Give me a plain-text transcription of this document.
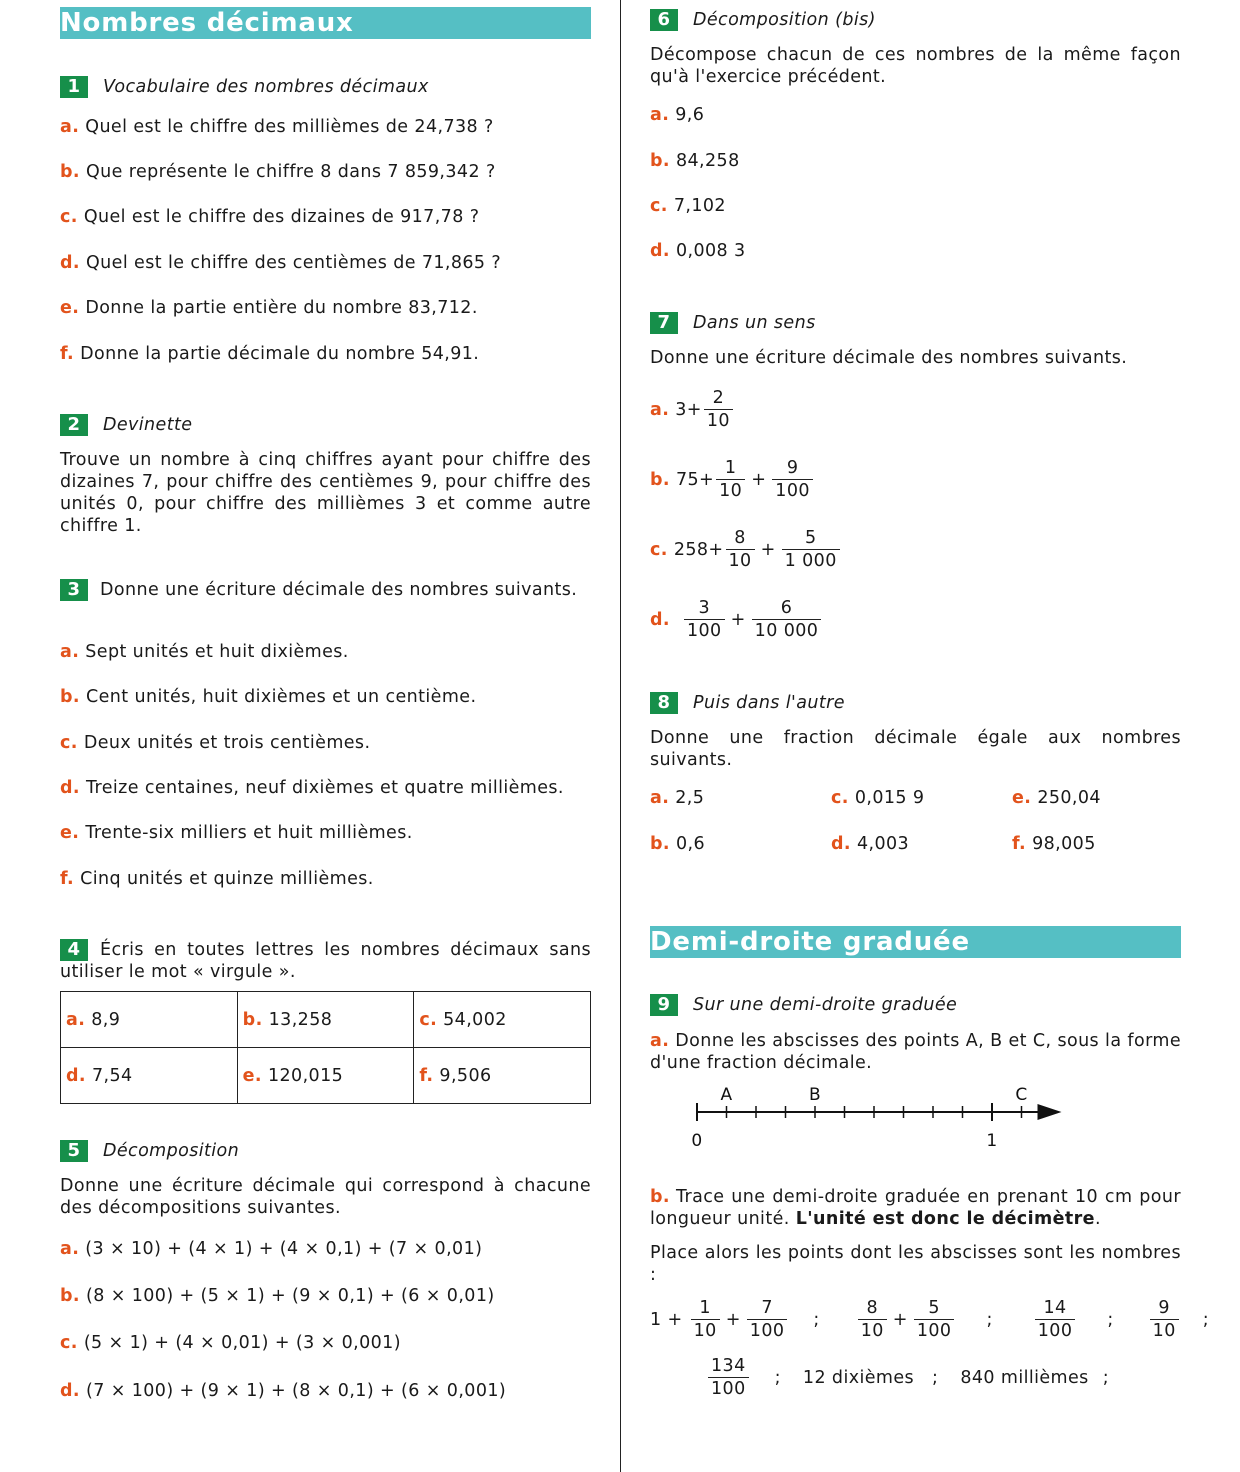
Nombres décimaux
1	Vocabulaire des nombres décimaux
a. Quel est le chiffre des millièmes de 24,738 ?
b. Que représente le chiffre 8 dans 7 859,342 ?
c. Quel est le chiffre des dizaines de 917,78 ?
d. Quel est le chiffre des centièmes de 71,865 ?
e. Donne la partie entière du nombre 83,712.
f. Donne la partie décimale du nombre 54,91.
2	Devinette
Trouve un nombre à cinq chiffres ayant pour chiffre des dizaines 7, pour chiffre des centièmes 9, pour chiffre des unités 0, pour chiffre des millièmes 3 et comme autre chiffre 1.
3 Donne une écriture décimale des nombres suivants.
a. Sept unités et huit dixièmes.
b. Cent unités, huit dixièmes et un centième.
c. Deux unités et trois centièmes.
d. Treize centaines, neuf dixièmes et quatre millièmes.
e. Trente-six milliers et huit millièmes.
f. Cinq unités et quinze millièmes.
4 Écris en toutes lettres les nombres décimaux sans utiliser le mot « virgule ».
a. 8,9	b. 13,258	c. 54,002
d. 7,54	e. 120,015	f. 9,506
5	Décomposition
Donne une écriture décimale qui correspond à chacune des décompositions suivantes.
a. (3 × 10) + (4 × 1) + (4 × 0,1) + (7 × 0,01)
b. (8 × 100) + (5 × 1) + (9 × 0,1) + (6 × 0,01)
c. (5 × 1) + (4 × 0,01) + (3 × 0,001)
d. (7 × 100) + (9 × 1) + (8 × 0,1) + (6 × 0,001)
6	Décomposition (bis)
Décompose chacun de ces nombres de la même façon qu'à l'exercice précédent.
a. 9,6
b. 84,258
c. 7,102
d. 0,008 3
7	Dans un sens
Donne une écriture décimale des nombres suivants.
a. $3+ \frac{2}{10}$
b. $75+ \frac{1}{10} + \frac{9}{100}$
c. $258+ \frac{8}{10} + \frac{5}{1 000}$
d. $\frac{3}{100} + \frac{6}{10 000}$
8	Puis dans l'autre
Donne une fraction décimale égale aux nombres suivants.
a. 2,5	c. 0,015 9	e. 250,04
b. 0,6	d. 4,003	f. 98,005
Demi-droite graduée
9	Sur une demi-droite graduée
a. Donne les abscisses des points A, B et C, sous la forme d'une fraction décimale.
0	1
A	B	C
b. Trace une demi-droite graduée en prenant 10 cm pour longueur unité. L'unité est donc le décimètre.
Place alors les points dont les abscisses sont les nombres :
$1 + \frac{1}{10} + \frac{7}{100}$ ; $\frac{8}{10} + \frac{5}{100}$ ; $\frac{14}{100}$ ; $\frac{9}{10}$ ;
$\frac{134}{100}$ ; 12 dixièmes ; 840 millièmes ;
